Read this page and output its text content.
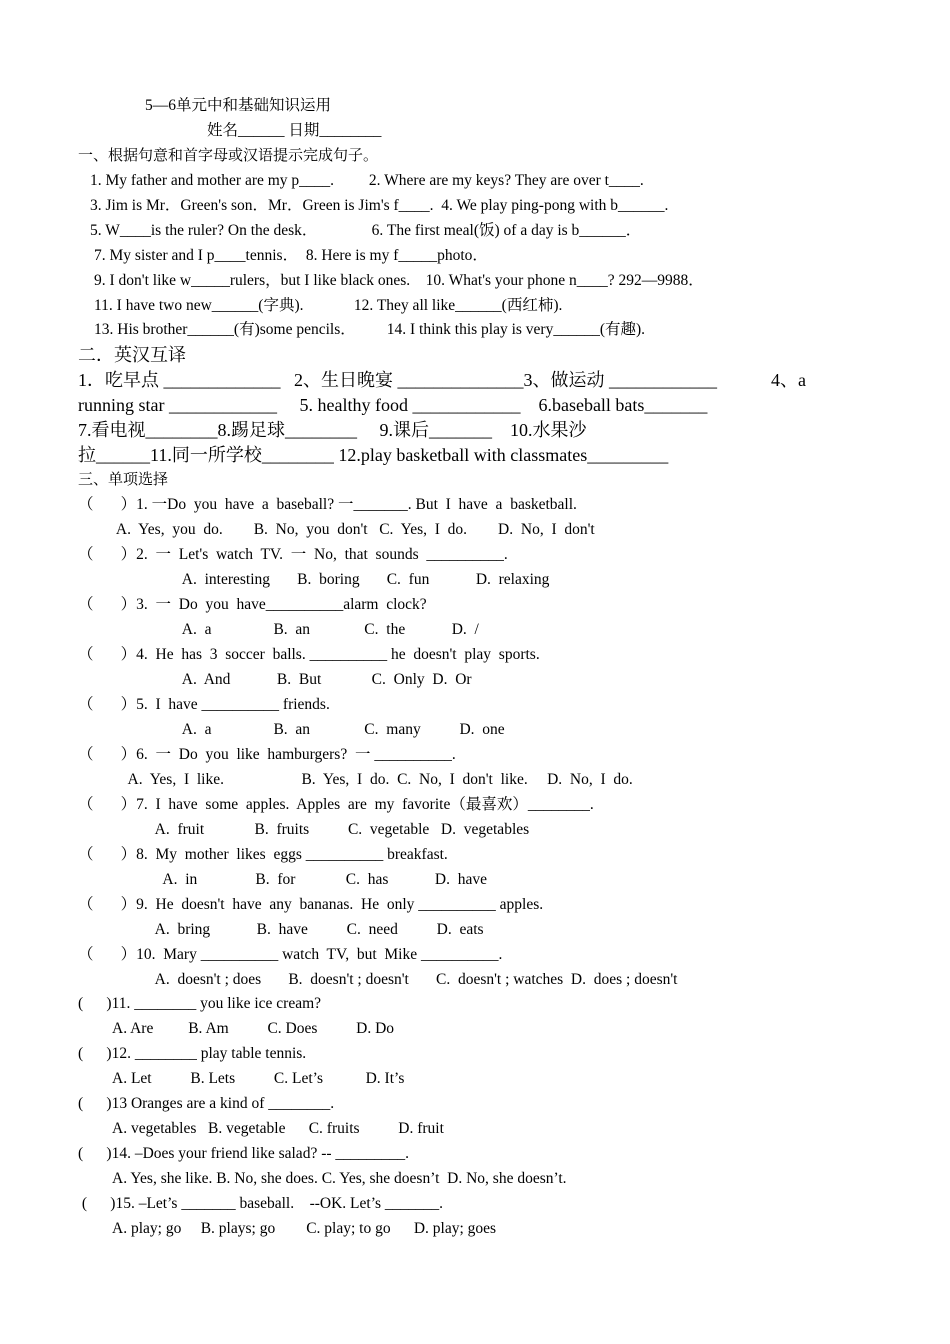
5—6单元中和基础知识运用
姓名______ 日期________
一、根据句意和首字母或汉语提示完成句子。
1. My father and mother are my p____.         2. Where are my keys? They are over t____.
3. Jim is Mr．Green's son．Mr．Green is Jim's f____.  4. We play ping-pong with b______.
5. W____is the ruler? On the desk．              6. The first meal(饭) of a day is b______．
7. My sister and I p____tennis．  8. Here is my f_____photo．
9. I don't like w_____rulers，but I like black ones.    10. What's your phone n____? 292—9988．
11. I have two new______(字典).             12. They all like______(西红柿).
13. His brother______(有)some pencils．        14. I think this play is very______(有趣).
二．英汉互译
1．吃早点 _____________   2、生日晚宴 ______________3、做运动 ____________            4、a
running star ____________     5. healthy food ____________    6.baseball bats_______
7.看电视________8.踢足球________     9.课后_______    10.水果沙
拉______11.同一所学校________ 12.play basketball with classmates_________
三、单项选择
（       ）1. 一Do  you  have  a  baseball? 一_______. But  I  have  a  basketball.
A.  Yes,  you  do.        B.  No,  you  don't   C.  Yes,  I  do.        D.  No,  I  don't
（       ）2.  一  Let's  watch  TV.  一  No,  that  sounds  __________.
A.  interesting       B.  boring       C.  fun            D.  relaxing
（       ）3.  一  Do  you  have__________alarm  clock?
A.  a                B.  an              C.  the            D.  /
（       ）4.  He  has  3  soccer  balls. __________ he  doesn't  play  sports.
A.  And            B.  But             C.  Only  D.  Or
（       ）5.  I  have __________ friends.
A.  a                B.  an              C.  many          D.  one
（       ）6.  一  Do  you  like  hamburgers?  一 __________.
A.  Yes,  I  like.                    B.  Yes,  I  do.  C.  No,  I  don't  like.     D.  No,  I  do.
（       ）7.  I  have  some  apples.  Apples  are  my  favorite（最喜欢）________.
A.  fruit             B.  fruits          C.  vegetable   D.  vegetables
（       ）8.  My  mother  likes  eggs __________ breakfast.
A.  in               B.  for             C.  has            D.  have
（       ）9.  He  doesn't  have  any  bananas.  He  only __________ apples.
A.  bring            B.  have          C.  need          D.  eats
（       ）10.  Mary __________ watch  TV,  but  Mike __________.
A.  doesn't ; does       B.  doesn't ; doesn't       C.  doesn't ; watches  D.  does ; doesn't
(      )11. ________ you like ice cream?
A. Are         B. Am          C. Does          D. Do
(      )12. ________ play table tennis.
A. Let          B. Lets          C. Let’s           D. It’s
(      )13 Oranges are a kind of ________.
A. vegetables   B. vegetable      C. fruits          D. fruit
(      )14. –Does your friend like salad? -- _________.
A. Yes, she like. B. No, she does. C. Yes, she doesn’t  D. No, she doesn’t.
(      )15. –Let’s _______ baseball.    --OK. Let’s _______.
A. play; go     B. plays; go        C. play; to go      D. play; goes
